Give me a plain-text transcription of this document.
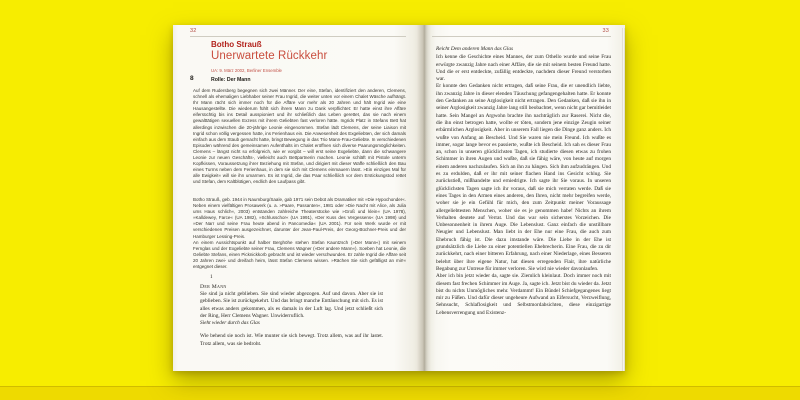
32
Botho Strauß
Unerwartete Rückkehr
UA: 9. März 2002, Berliner Ensemble
8	Rolle: Der Mann

Auf dem Rudersberg begegnen sich zwei Männer. Der eine, Stefan, identifiziert den anderen, Clemens, schnell als ehemaligen Liebhaber seiner Frau Ingrid, die weiter unten vor einem Chalet Wäsche aufhängt. Ihr Mann rächt sich immer noch für die Affäre vor mehr als 20 Jahren und hält Ingrid wie eine Hausangestellte. Die wiederum fühlt sich ihrem Mann zu Dank verpflichtet: Er hatte einst ihre Affäre eifersüchtig bis ins Detail ausspioniert und ihr schließlich das Leben gerettet, das sie nach einem gewalttätigen sexuellen Exzess mit ihrem Geliebten fast verloren hätte. Ingrids Platz in Stefans Bett hat allerdings inzwischen die 20-jährige Leonie eingenommen. Stefan lädt Clemens, der seine Liaison mit Ingrid schon völlig vergessen hatte, ins Ferienhaus ein. Die Anwesenheit des Exgeliebten, der sich damals einfach aus dem Staub gemacht hatte, bringt Bewegung in das Trio Mann-Frau-Geliebte. In verschiedenen Episoden während des gemeinsamen Aufenthalts im Chalet eröffnen sich diverse Paarungsmöglichkeiten. Clemens – längst nicht so erfolgreich, wie er vorgibt – will erst seine Exgeliebte, dann die schwangere Leonie zur neuen Geschäfts-, vielleicht auch Bettpartnerin machen. Leonie schläft mit Pistole unterm Kopfkissen, Voraussetzung ihrer Beziehung mit Stefan, und dirigiert mit dieser Waffe schließlich den Bau eines Turms neben dem Ferienhaus, in dem sie sich mit Clemens einmauern lässt. »Ein einziges Mal für alle Ewigkeit« will sie ihn umarmen. Es ist Ingrid, die das Paar schließlich vor dem Erstickungstod rettet und Stefan, dem Kaltblütigen, endlich den Laufpass gibt.

Botho Strauß, geb. 1944 in Naumburg/Saale, gab 1971 sein Debüt als Dramatiker mit »Die Hypochonder«. Neben einem vielfältigen Prosawerk (u. a. »Paare, Passanten«, 1981 oder »Die Nacht mit Alice, als Julia ums Haus schlich«, 2003) entstanden zahlreiche Theaterstücke wie »Groß und klein« (UA 1978), »Kalldewey, Farce« (UA 1982), »Schlusschor« (UA 1991), »Der Kuss des Vergessens« (UA 1998) und »Der Narr und seine Frau heute abend in Pancomedia« (UA 2001). Für sein Werk wurde er mit verschiedenen Preisen ausgezeichnet, darunter der Jean-Paul-Preis, der Georg-Büchner-Preis und der Hamburger Lessing-Preis.

An einem Aussichtspunkt auf halber Berghöhe stehen Stefan Kauntzsch (»Der Mann«) mit seinem Fernglas und der Exgeliebte seiner Frau, Clemens Wagner (»Der andere Mann«). Soeben hat Leonie, die Geliebte Stefans, einen Picknickkorb gebracht und ist wieder verschwunden. Er zahle Ingrid die Affäre seit 20 Jahren zwei- und dreifach heim, lässt Stefan Clemens wissen. »Rächen Sie sich gefälligst an mir!« entgegnet dieser.

1
Der Mann

Sie sind ja nicht geblieben. Sie sind wieder abgezogen. Auf und davon. Aber sie ist geblieben. Sie ist zurückgekehrt. Und das bringt manche Enttäuschung mit sich. Es ist alles etwas anders gekommen, als es damals in der Luft lag. Und jetzt schließt sich der Ring, Herr Clemens Wagner. Unwiderruflich.

Sieht wieder durch das Glas

Wie behend sie noch ist. Wie munter sie sich bewegt. Trotz allem, was auf ihr lastet. Trotz allem, was sie bedroht.

33

Reicht Dem anderen Mann das Glas

Ich kenne die Geschichte eines Mannes, der zum Othello wurde und seine Frau erwürgte zwanzig Jahre nach einer Affäre, die sie mit seinem besten Freund hatte. Und die er erst entdeckte, zufällig entdeckte, nachdem dieser Freund verstorben war.

Er konnte den Gedanken nicht ertragen, daß seine Frau, die er unendlich liebte, ihn zwanzig Jahre in dieser elenden Täuschung gefangengehalten hatte. Er konnte den Gedanken an seine Arglosigkeit nicht ertragen. Den Gedanken, daß sie ihn in seiner Arglosigkeit zwanzig Jahre lang still beobachtet, wenn nicht gar bemitleidet hatte. Sein Mangel an Argwohn brachte ihn nachträglich zur Raserei. Nicht die, die ihn einst betrogen hatte, wollte er töten, sondern jene einzige Zeugin seiner erbärmlichen Arglosigkeit. Aber in unserem Fall liegen die Dinge ganz anders. Ich wußte von Anfang an Bescheid. Und Sie waren nie mein Freund. Ich wußte es immer, sogar lange bevor es passierte, wußte ich Bescheid. Ich sah es dieser Frau an, schon in unseren glücklichsten Tagen, ich studierte diesen etwas zu frohen Schimmer in ihren Augen und wußte, daß sie fähig wäre, von heute auf morgen einem anderen nachzulaufen. Sich an ihn zu hängen. Sich ihm aufzudrängen. Und es zu erdulden, daß er ihr mit seiner flachen Hand ins Gesicht schlug. Sie zurückstieß, mißhandelte und erniedrigte. Ich sagte ihr Sie voraus. In unseren glücklichsten Tagen sagte ich ihr voraus, daß sie mich verraten werde. Daß sie eines Tages in den Armen eines anderen, den Ihren, nicht mehr begreifen werde, woher sie je ein Gefühl für mich, den zum Zeitpunkt meiner Voraussage allergeliebtesten Menschen, woher sie es je genommen habe! Nichts an ihrem Verhalten deutete auf Verrat. Und das war sein sicherstes Vorzeichen. Die Unbesonnenheit in ihrem Auge. Die Lebenslust. Ganz einfach die unstillbare Neugier und Lebenslust. Man liebt in der Ehe nur eine Frau, die auch zum Ehebruch fähig ist. Die dazu imstande wäre. Die Liebe in der Ehe ist grundsätzlich die Liebe zu einer potentiellen Ehebrecherin. Eine Frau, die zu dir zurückkehrt, nach einer bitteren Erfahrung, nach einer Niederlage, eines Besseren belehrt über ihre eigene Natur, hat diesen erregenden Flair, ihre natürliche Begabung zur Untreue für immer verloren. Sie wird nie wieder davonlaufen.

Aber ich bin jetzt wieder da, sagte sie. Ziemlich kleinlaut. Doch immer noch mit diesem fast frechen Schimmer im Auge. Ja, sagte ich. Jetzt bist du wieder da. Jetzt bist du nichts Unmögliches mehr. Verdammt! Ein Bündel Schiefgegangenes liegt mir zu Füßen. Und dafür dieser ungeheure Aufwand an Eifersucht, Verzweiflung, Sehnsucht, Schlaflosigkeit und Selbstmordabsichten, diese einzigartige Lebensverrengung und Existenz-
